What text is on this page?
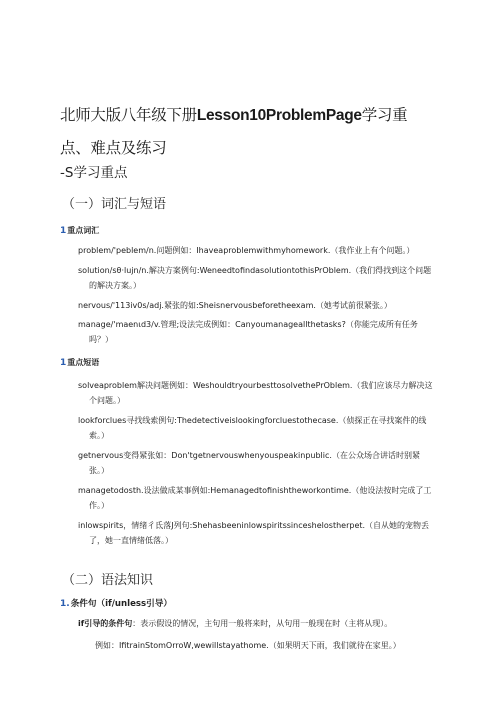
北师大版八年级下册Lesson10ProblemPage学习重
点、难点及练习
-S学习重点
（一）词汇与短语
1重点词汇
problem/'peblem/n.问题例如：Ihaveaproblemwithmyhomework.（我作业上有个问题。）
solution/sθ·lujn/n.解决方案例句:WeneedtofindasolutiontothisPrOblem.（我们得找到这个问题
的解决方案。）
nervous/'113iv0s/adj.紧张的如:Sheisnervousbeforetheexam.（她考试前很紧张。）
manage/'maenιd3/v.管理;设法完成例如：Canyoumanageallthetasks?（你能完成所有任务
吗？）
1重点短语
solveaproblem解决问题例如：WeshouldtryourbesttosolvethePrOblem.（我们应该尽力解决这
个问题。）
lookforclues寻找线索例句:Thedetectiveislookingforcluestothecase.（侦探正在寻找案件的线
索。）
getnervous变得紧张如：Don'tgetnervouswhenyouspeakinpublic.（在公众场合讲话时别紧
张。）
managetodosth.设法做成某事例如:Hemanagedtofinishtheworkontime.（他设法按时完成了工
作。）
inlowspirits，情绪彳氐落J列句:Shehasbeeninlowspiritssinceshelostherpet.（自从她的宠物丢
了，她一直情绪低落。）
（二）语法知识
1.条件句（if/unless引导）
if引导的条件句：表示假设的情况，主句用一般将来时，从句用一般现在时（主将从现）。
例如：IfitrainStomOrroW,wewillstayathome.（如果明天下雨，我们就待在家里。）
